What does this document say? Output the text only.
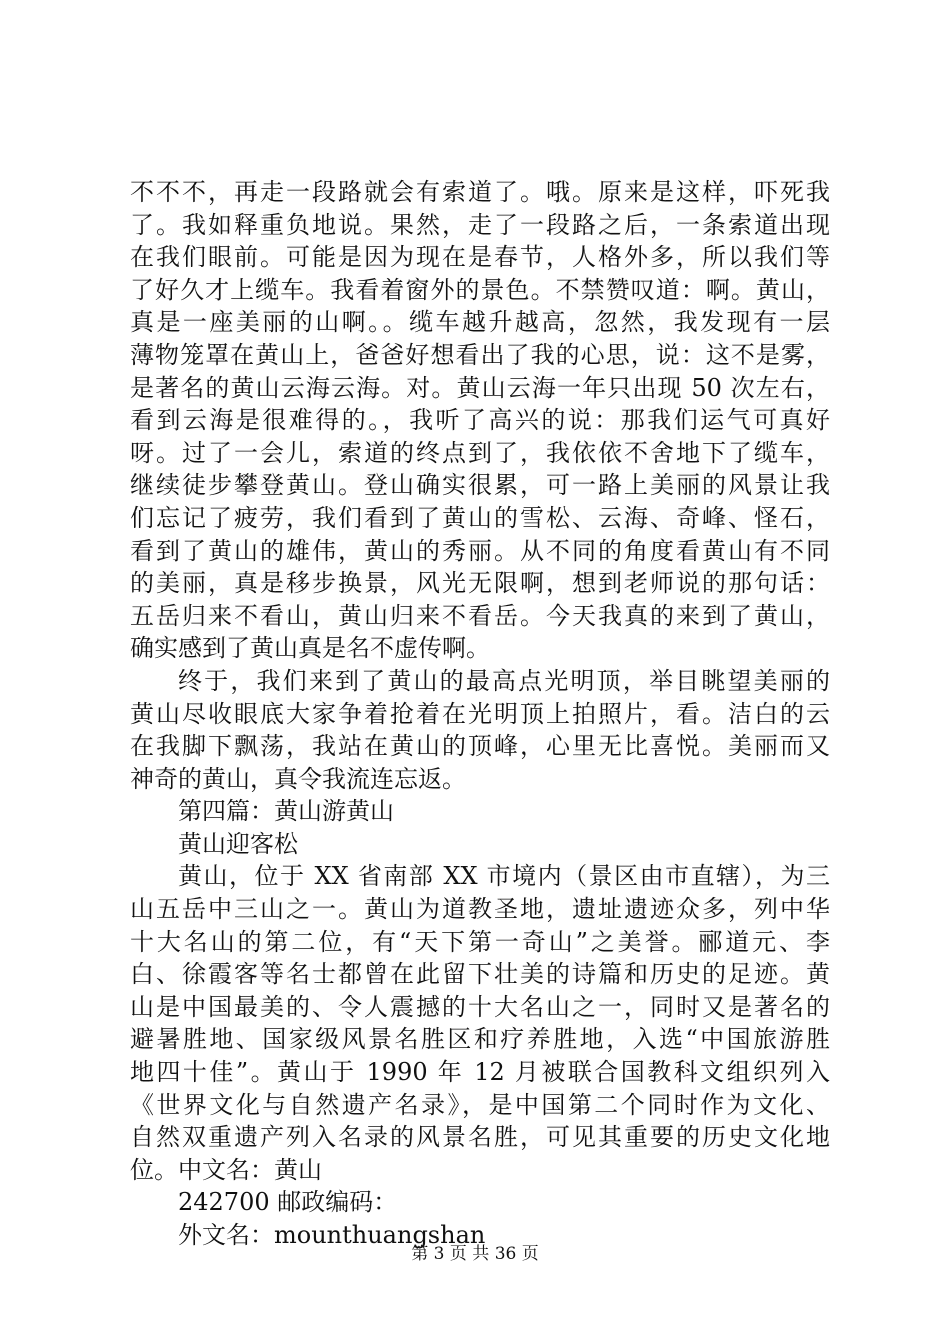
不不不，再走一段路就会有索道了。哦。原来是这样，吓死我
了。我如释重负地说。果然，走了一段路之后，一条索道出现
在我们眼前。可能是因为现在是春节，人格外多，所以我们等
了好久才上缆车。我看着窗外的景色。不禁赞叹道：啊。黄山，
真是一座美丽的山啊。。缆车越升越高，忽然，我发现有一层
薄物笼罩在黄山上，爸爸好想看出了我的心思，说：这不是雾，
是著名的黄山云海云海。对。黄山云海一年只出现 50 次左右，
看到云海是很难得的。，我听了高兴的说：那我们运气可真好
呀。过了一会儿，索道的终点到了，我依依不舍地下了缆车，
继续徒步攀登黄山。登山确实很累，可一路上美丽的风景让我
们忘记了疲劳，我们看到了黄山的雪松、云海、奇峰、怪石，
看到了黄山的雄伟，黄山的秀丽。从不同的角度看黄山有不同
的美丽，真是移步换景，风光无限啊，想到老师说的那句话：
五岳归来不看山，黄山归来不看岳。今天我真的来到了黄山，
确实感到了黄山真是名不虚传啊。
终于，我们来到了黄山的最高点光明顶，举目眺望美丽的
黄山尽收眼底大家争着抢着在光明顶上拍照片，看。洁白的云
在我脚下飘荡，我站在黄山的顶峰，心里无比喜悦。美丽而又
神奇的黄山，真令我流连忘返。
第四篇：黄山游黄山
黄山迎客松
黄山，位于 XX 省南部 XX 市境内（景区由市直辖），为三
山五岳中三山之一。黄山为道教圣地，遗址遗迹众多，列中华
十大名山的第二位，有“天下第一奇山”之美誉。郦道元、李
白、徐霞客等名士都曾在此留下壮美的诗篇和历史的足迹。黄
山是中国最美的、令人震撼的十大名山之一，同时又是著名的
避暑胜地、国家级风景名胜区和疗养胜地，入选“中国旅游胜
地四十佳”。黄山于 1990 年 12 月被联合国教科文组织列入
《世界文化与自然遗产名录》，是中国第二个同时作为文化、
自然双重遗产列入名录的风景名胜，可见其重要的历史文化地
位。中文名：黄山
242700 邮政编码：
外文名：mounthuangshan
第 3 页 共 36 页
